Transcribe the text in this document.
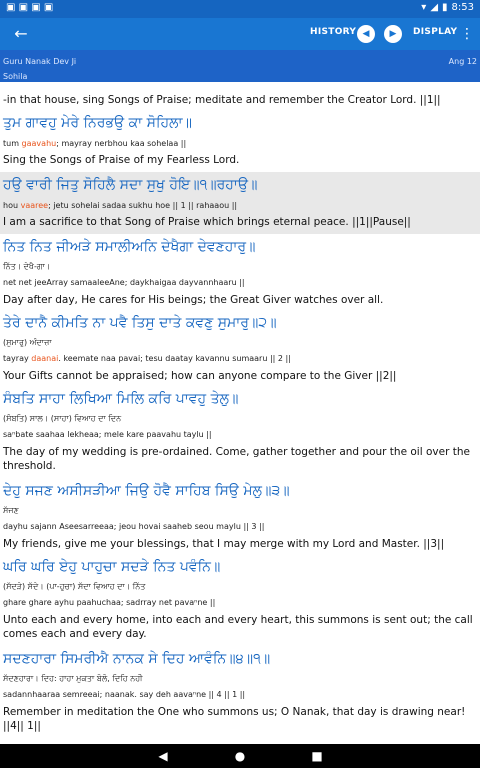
▣ ▣ ▣ ▣	▾ ◢ ▮ 8:53
←	HISTORY ◀	▶	DISPLAY ⋮
Guru Nanak Dev Ji
Sohila
Ang 12
-in that house, sing Songs of Praise; meditate and remember the Creator Lord. ||1||
ਤੁਮ ਗਾਵਹੁ ਮੇਰੇ ਨਿਰਭਉ ਕਾ ਸੋਹਿਲਾ॥
tum gaavahu; mayray nerbhou kaa sohelaa ||
Sing the Songs of Praise of my Fearless Lord.
ਹਉ ਵਾਰੀ ਜਿਤੁ ਸੋਹਿਲੈ ਸਦਾ ਸੁਖੁ ਹੋਇ॥੧॥ਰਹਾਉ॥
hou vaaree; jetu sohelai sadaa sukhu hoe || 1 || rahaaou ||
I am a sacrifice to that Song of Praise which brings eternal peace. ||1||Pause||
ਨਿਤ ਨਿਤ ਜੀਅੜੇ ਸਮਾਲੀਅਨਿ ਦੇਖੈਗਾ ਦੇਵਣਹਾਰੁ॥
ਨਿੱਤ। ਦੇਖੈ-ਗਾ।
net net jeeArray samaaleeAne; daykhaigaa dayvannhaaru ||
Day after day, He cares for His beings; the Great Giver watches over all.
ਤੇਰੇ ਦਾਨੈ ਕੀਮਤਿ ਨਾ ਪਵੈ ਤਿਸੁ ਦਾਤੇ ਕਵਣੁ ਸੁਮਾਰੁ॥੨॥
(ਸੁਮਾਰੁ) ਅੰਦਾਜ਼ਾ
tayray daanai. keemate naa pavai; tesu daatay kavannu sumaaru || 2 ||
Your Gifts cannot be appraised; how can anyone compare to the Giver ||2||
ਸੰਬਤਿ ਸਾਹਾ ਲਿਖਿਆ ਮਿਲਿ ਕਰਿ ਪਾਵਹੁ ਤੇਲੁ॥
(ਸੰਬਤਿ) ਸਾਲ। (ਸਾਹਾ) ਵਿਆਹ ਦਾ ਦਿਨ
saⁿbate saahaa lekheaa; mele kare paavahu taylu ||
The day of my wedding is pre-ordained. Come, gather together and pour the oil over the threshold.
ਦੇਹੁ ਸਜਣ ਅਸੀਸੜੀਆ ਜਿਉ ਹੋਵੈ ਸਾਹਿਬ ਸਿਉ ਮੇਲੁ॥੩॥
ਸੱਜਣ
dayhu sajann Aseesarreeaa; jeou hovai saaheb seou maylu || 3 ||
My friends, give me your blessings, that I may merge with my Lord and Master. ||3||
ਘਰਿ ਘਰਿ ਏਹੁ ਪਾਹੁਚਾ ਸਦੜੇ ਨਿਤ ਪਵੰਨਿ॥
(ਸੱਦੜੇ) ਸੱਦੇ। (ਪਾ-ਹੁਚਾ) ਸੱਦਾ ਵਿਆਹ ਦਾ। ਨਿੱਤ
ghare ghare ayhu paahuchaa; sadrray net pavaⁿne ||
Unto each and every home, into each and every heart, this summons is sent out; the call comes each and every day.
ਸਦਣਹਾਰਾ ਸਿਮਰੀਐ ਨਾਨਕ ਸੇ ਦਿਹ ਆਵੰਨਿ॥੪॥੧॥
ਸੱਦਣਹਾਰਾ। ਦਿਹ: ਹਾਹਾ ਮੁਕਤਾ ਬੋਲੋ, ਦਿਹਿ ਨਹੀ
sadannhaaraa semreeai; naanak. say deh aavaⁿne || 4 || 1 ||
Remember in meditation the One who summons us; O Nanak, that day is drawing near! ||4|| 1||
◀	●	■
